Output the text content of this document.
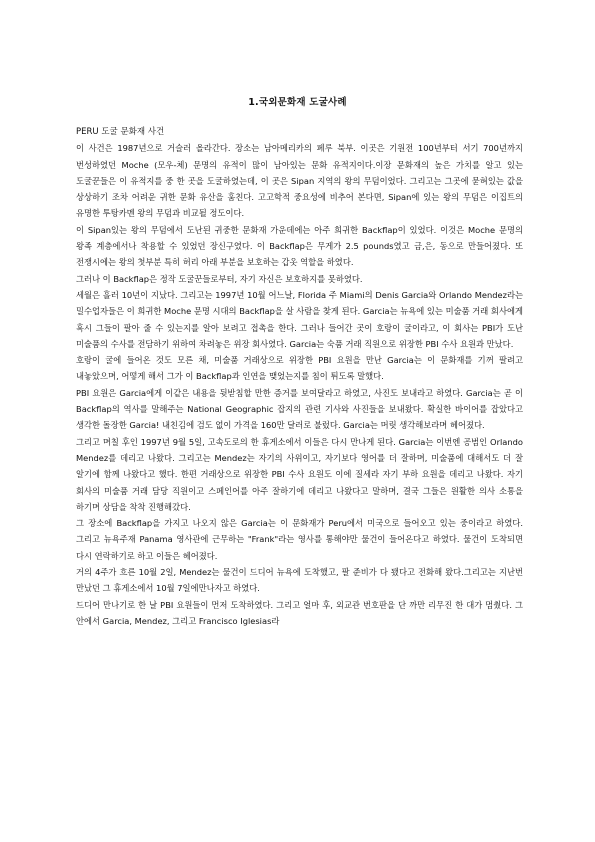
1.국외문화재 도굴사례

PERU 도굴 문화재 사건

이 사건은 1987년으로 거슬러 올라간다. 장소는 남아메리카의 페루 북부. 이곳은 기원전 100년부터 서기 700년까지 번성하였던 Moche (모우-체) 문명의 유적이 많이 남아있는 문화 유적지이다.이장 문화재의 높은 가치를 알고 있는 도굴꾼들은 이 유적지를 중 한 곳을 도굴하였는데, 이 곳은 Sipan 지역의 왕의 무덤이었다. 그리고는 그곳에 묻혀있는 값을 상상하기 조차 어려운 귀한 문화 유산을 훔친다. 고고학적 중요성에 비추어 본다면, Sipan에 있는 왕의 무덤은 이집트의 유명한 투탕카멘 왕의 무덤과 비교될 정도이다.

이 Sipan있는 왕의 무덤에서 도난된 귀중한 문화재 가운데에는 아주 희귀한 Backflap이 있었다. 이것은 Moche 문명의 왕족 계층에서나 착용할 수 있었던 장신구였다. 이 Backflap은 무게가 2.5 pounds였고 금,은, 동으로 만들어졌다. 또 전쟁시에는 왕의 첫부분 특히 허리 아래 부분을 보호하는 갑옷 역할을 하였다.

그러나 이 Backflap은 정작 도굴꾼들로부터, 자기 자신은 보호하지를 못하였다.

세월은 흘러 10년이 지났다. 그리고는 1997년 10월 어느날, Florida 주 Miami의 Denis Garcia와 Orlando Mendez라는 밀수업자들은 이 희귀한 Moche 문명 시대의 Backflap을 살 사람을 찾게 된다. Garcia는 뉴욕에 있는 미술품 거래 회사에게 혹시 그들이 팔아 줄 수 있는지를 알아 보려고 접촉을 한다. 그러나 들어간 곳이 호랑이 굴이라고, 이 회사는 PBI가 도난 미술품의 수사를 전담하기 위하여 차려놓은 위장 회사였다. Garcia는 숙품 거래 직원으로 위장한 PBI 수사 요원과 만났다.

호랑이 굴에 들어온 것도 모른 채, 미술품 거래상으로 위장한 PBI 요원을 만난 Garcia는 이 문화재를 기꺼 팔려고 내놓았으며, 어떻게 해서 그가 이 Backflap과 인연을 맺었는지를 침이 튀도록 말했다.

PBI 요원은 Garcia에게 이같은 내용을 뒷받침할 만한 증거를 보여달라고 하였고, 사진도 보내라고 하였다. Garcia는 곧 이 Backflap의 역사를 말해주는 National Geographic 잡지의 관련 기사와 사진들을 보내왔다. 확실한 바이어를 잡았다고 생각한 돌장한 Garcia! 내친김에 검도 없이 가격을 160만 달러로 불렀다. Garcia는 머릿 생각해보라며 헤어졌다.

그리고 며칠 후인 1997년 9월 5일, 고속도로의 한 휴게소에서 이들은 다시 만나게 된다. Garcia는 이번엔 공범인 Orlando Mendez를 데리고 나왔다. 그리고는 Mendez는 자기의 사위이고, 자기보다 영어를 더 잘하며, 미술품에 대해서도 더 잘 알기에 함께 나왔다고 했다. 한편 거래상으로 위장한 PBI 수사 요원도 이에 질세라 자기 부하 요원을 데리고 나왔다. 자기 회사의 미술품 거래 담당 직원이고 스페인어를 아주 잘하기에 데리고 나왔다고 말하며, 결국 그들은 원활한 의사 소통을 하기며 상담을 착착 진행해갔다.

그 장소에 Backflap을 가지고 나오지 않은 Garcia는 이 문화재가 Peru에서 미국으로 들어오고 있는 중이라고 하였다. 그리고 뉴욕주재 Panama 영사관에 근무하는 "Frank"라는 영사를 통해야만 물건이 들어온다고 하였다. 물건이 도착되면 다시 연락하기로 하고 이들은 헤어졌다.

거의 4주가 흐른 10월 2일, Mendez는 물건이 드디어 뉴욕에 도착했고, 팔 준비가 다 됐다고 전화해 왔다.그리고는 지난번 만났던 그 휴게소에서 10월 7일에만나자고 하였다.

드디어 만나기로 한 날 PBI 요원들이 먼저 도착하였다. 그리고 얼마 후, 외교관 번호판을 단 까만 리무진 한 대가 멈췄다. 그 안에서 Garcia, Mendez, 그리고 Francisco Iglesias라
